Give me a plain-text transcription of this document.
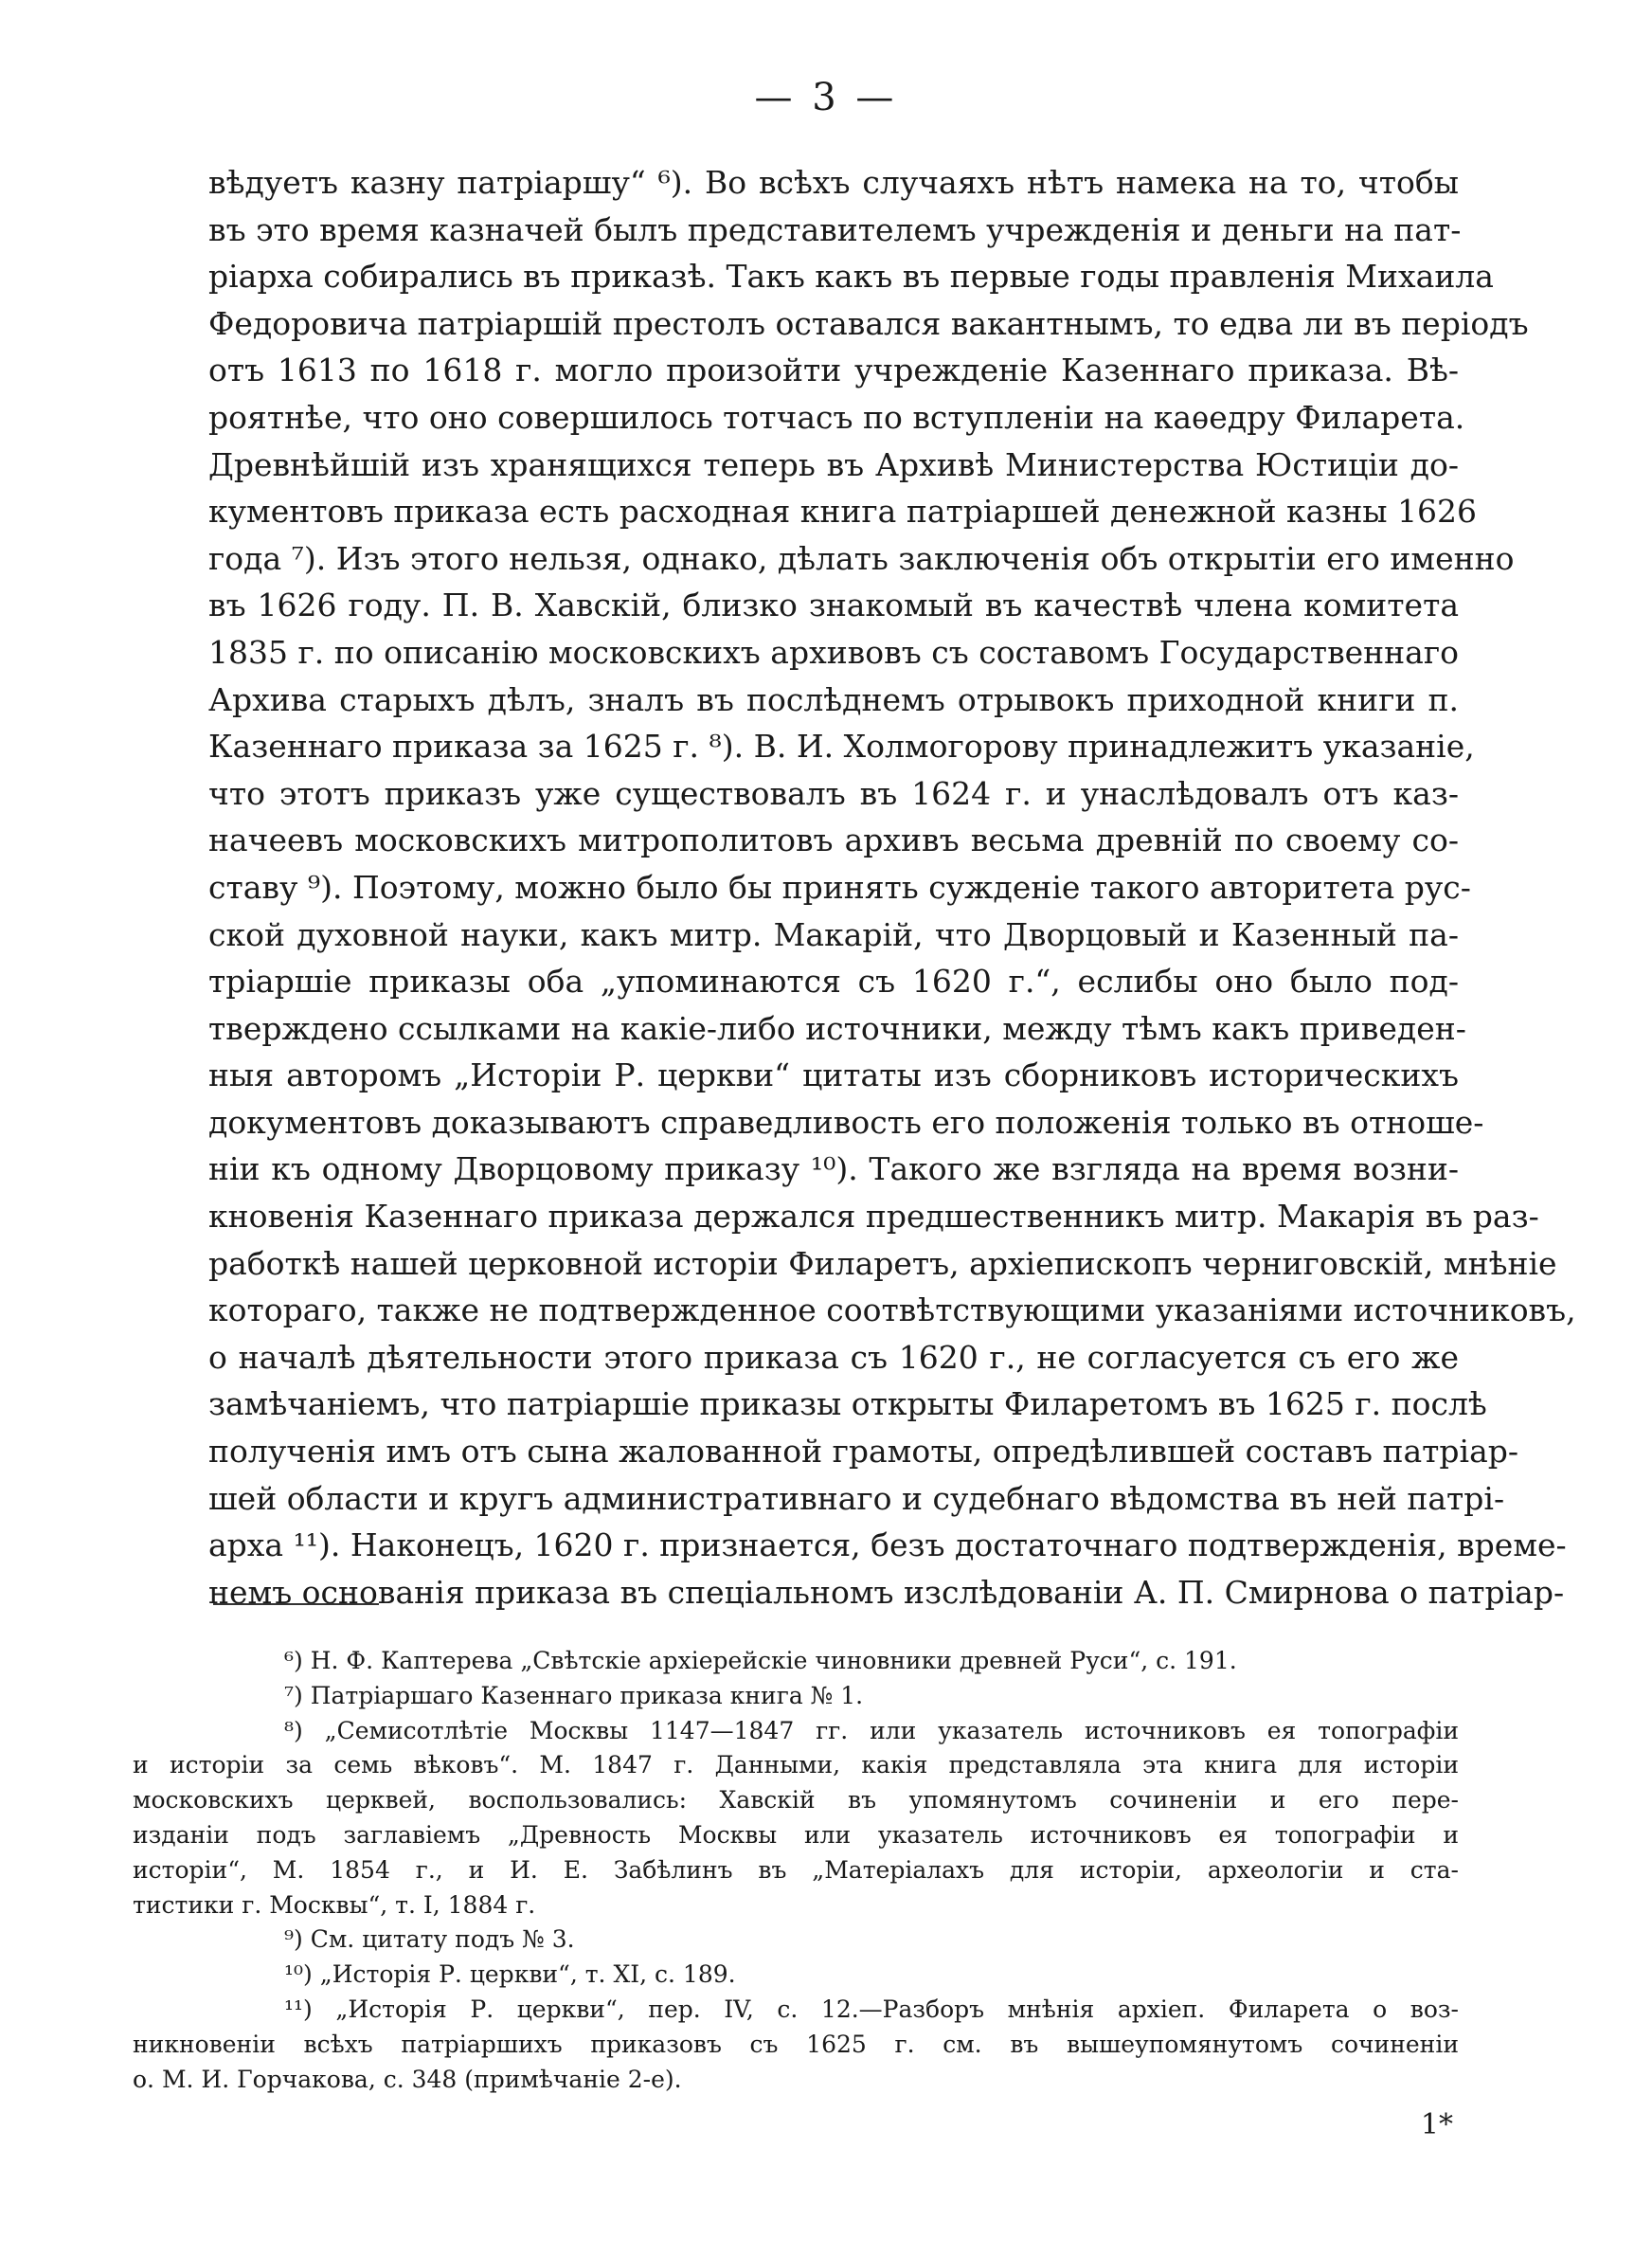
— 3 —
вѣдуетъ казну патріаршу“ ⁶). Во всѣхъ случаяхъ нѣтъ намека на то, чтобы
въ это время казначей былъ представителемъ учрежденія и деньги на пат-
ріарха собирались въ приказѣ. Такъ какъ въ первые годы правленія Михаила
Федоровича патріаршій престолъ оставался вакантнымъ, то едва ли въ періодъ
отъ 1613 по 1618 г. могло произойти учрежденіе Казеннаго приказа. Вѣ-
роятнѣе, что оно совершилось тотчасъ по вступленіи на каѳедру Филарета.
Древнѣйшій изъ хранящихся теперь въ Архивѣ Министерства Юстиціи до-
кументовъ приказа есть расходная книга патріаршей денежной казны 1626
года ⁷). Изъ этого нельзя, однако, дѣлать заключенія объ открытіи его именно
въ 1626 году. П. В. Хавскій, близко знакомый въ качествѣ члена комитета
1835 г. по описанію московскихъ архивовъ съ составомъ Государственнаго
Архива старыхъ дѣлъ, зналъ въ послѣднемъ отрывокъ приходной книги п.
Казеннаго приказа за 1625 г. ⁸). В. И. Холмогорову принадлежитъ указаніе,
что этотъ приказъ уже существовалъ въ 1624 г. и унаслѣдовалъ отъ каз-
начеевъ московскихъ митрополитовъ архивъ весьма древній по своему со-
ставу ⁹). Поэтому, можно было бы принять сужденіе такого авторитета рус-
ской духовной науки, какъ митр. Макарій, что Дворцовый и Казенный па-
тріаршіе приказы оба „упоминаются съ 1620 г.“, еслибы оно было под-
тверждено ссылками на какіе-либо источники, между тѣмъ какъ приведен-
ныя авторомъ „Исторіи Р. церкви“ цитаты изъ сборниковъ историческихъ
документовъ доказываютъ справедливость его положенія только въ отноше-
ніи къ одному Дворцовому приказу ¹⁰). Такого же взгляда на время возни-
кновенія Казеннаго приказа держался предшественникъ митр. Макарія въ раз-
работкѣ нашей церковной исторіи Филаретъ, архіепископъ черниговскій, мнѣніе
котораго, также не подтвержденное соотвѣтствующими указаніями источниковъ,
о началѣ дѣятельности этого приказа съ 1620 г., не согласуется съ его же
замѣчаніемъ, что патріаршіе приказы открыты Филаретомъ въ 1625 г. послѣ
полученія имъ отъ сына жалованной грамоты, опредѣлившей составъ патріар-
шей области и кругъ административнаго и судебнаго вѣдомства въ ней патрі-
арха ¹¹). Наконецъ, 1620 г. признается, безъ достаточнаго подтвержденія, време-
немъ основанія приказа въ спеціальномъ изслѣдованіи А. П. Смирнова о патріар-
⁶) Н. Ф. Каптерева „Свѣтскіе архіерейскіе чиновники древней Руси“, с. 191.
⁷) Патріаршаго Казеннаго приказа книга № 1.
⁸) „Семисотлѣтіе Москвы 1147—1847 гг. или указатель источниковъ ея топографіи
и исторіи за семь вѣковъ“. М. 1847 г. Данными, какія представляла эта книга для исторіи
московскихъ церквей, воспользовались: Хавскій въ упомянутомъ сочиненіи и его пере-
изданіи подъ заглавіемъ „Древность Москвы или указатель источниковъ ея топографіи и
исторіи“, М. 1854 г., и И. Е. Забѣлинъ въ „Матеріалахъ для исторіи, археологіи и ста-
тистики г. Москвы“, т. I, 1884 г.
⁹) См. цитату подъ № 3.
¹⁰) „Исторія Р. церкви“, т. XI, с. 189.
¹¹) „Исторія Р. церкви“, пер. IV, с. 12.—Разборъ мнѣнія архіеп. Филарета о воз-
никновеніи всѣхъ патріаршихъ приказовъ съ 1625 г. см. въ вышеупомянутомъ сочиненіи
о. М. И. Горчакова, с. 348 (примѣчаніе 2-е).
1*
